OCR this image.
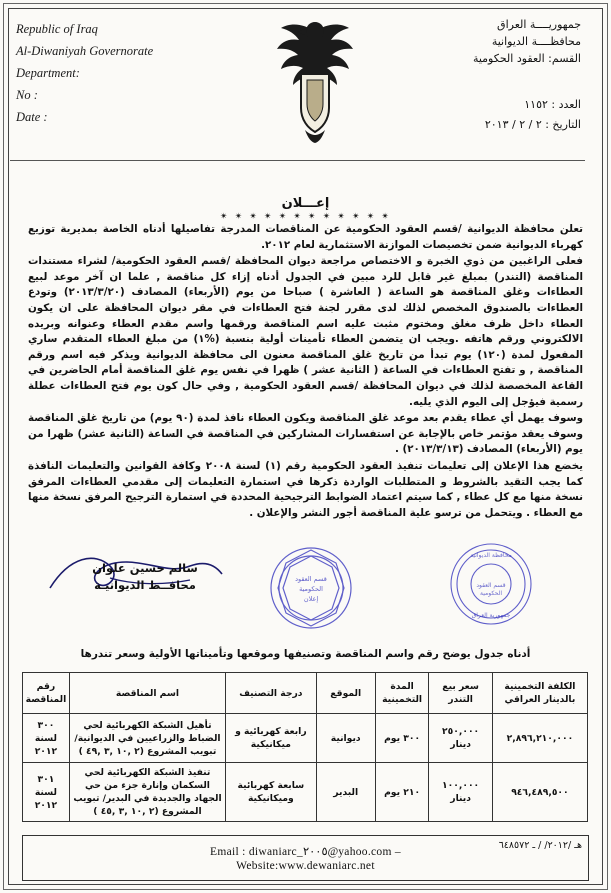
Republic of Iraq
Al-Diwaniyah Governorate
Department:
No :
Date :
جمهوريــــة العراق
محافظــــة الديوانية
القسم: العقود الحكومية
العدد : ١١٥٢
التاريخ : ٢ / ٢ / ٢٠١٣
إعـــلان
✴ ✴ ✴ ✴ ✴ ✴ ✴ ✴ ✴ ✴ ✴ ✴

تعلن محافظة الديوانية /قسم العقود الحكومية عن المناقصات المدرجة تفاصيلها أدناه الخاصة بمديرية توزيع كهرباء الديوانية ضمن تخصيصات الموازنة الاستثمارية لعام ٢٠١٢.

فعلى الراغبين من ذوي الخبرة و الاختصاص مراجعة ديوان المحافظة /قسم العقود الحكومية/ لشراء مستندات المناقصة (التندر) بمبلغ غير قابل للرد مبين في الجدول أدناه إزاء كل مناقصة , علما ان آخر موعد لبيع العطاءات وغلق المناقصة هو الساعة ( العاشرة ) صباحا من يوم (الأربعاء) المصادف (٢٠١٣/٣/٢٠) وتودع العطاءات بالصندوق المخصص لذلك لدى مقرر لجنة فتح العطاءات في مقر ديوان المحافظة على ان يكون العطاء داخل ظرف مغلق ومختوم مثبت عليه اسم المناقصة ورقمها واسم مقدم العطاء وعنوانه وبريده الالكتروني ورقم هاتفه .ويجب ان يتضمن العطاء تأمينات أولية بنسبة (%١) من مبلغ العطاء المتقدم ساري المفعول لمدة (١٢٠) يوم تبدأ من تاريخ غلق المناقصة معنون الى محافظة الديوانية ويذكر فيه اسم ورقم المناقصة , و تفتح العطاءات في الساعة ( الثانية عشر ) ظهرا في نفس يوم غلق المناقصة أمام الحاضرين في القاعة المخصصة لذلك في ديوان المحافظة /قسم العقود الحكومية , وفي حال كون يوم فتح العطاءات عطلة رسمية فيؤجل إلى اليوم الذي يليه.

وسوف يهمل أي عطاء يقدم بعد موعد غلق المناقصة ويكون العطاء نافذ لمدة (٩٠ يوم) من تاريخ غلق المناقصة وسوف يعقد مؤتمر خاص بالإجابة عن استفسارات المشاركين في المناقصة في الساعة (الثانية عشر) ظهرا من يوم (الأربعاء) المصادف (٢٠١٣/٣/١٣) .

يخضع هذا الإعلان إلى تعليمات تنفيذ العقود الحكومية رقم (١) لسنة ٢٠٠٨ وكافة القوانين والتعليمات النافذة كما يجب التقيد بالشروط و المتطلبات الواردة ذكرها في استمارة التعليمات إلى مقدمي العطاءات المرفق نسخة منها مع كل عطاء , كما سيتم اعتماد الضوابط الترجيحية المحددة في استمارة الترجيح المرفق نسخة منها مع العطاء . ويتحمل من ترسو علية المناقصة أجور النشر والإعلان .

سالم حسين علوان
محافــظ الديوانيـة
محافظة الديوانية
قسم العقود
الحكومية
جمهورية العراق
قسم العقود
الحكومية
إعلان
أدناه جدول يوضح رقم واسم المناقصة وتصنيفها وموقعها وتأميناتها الأولية وسعر تندرها
الكلفة التخمينية بالدينار العراقي	سعر بيع التندر	المدة التخمينية	الموقع	درجة التصنيف	اسم المناقصة	رقم المناقصة
٢,٨٩٦,٢١٠,٠٠٠	٢٥٠,٠٠٠ دينار	٣٠٠ يوم	ديوانية	رابعة كهربائية و ميكانيكية	تأهيل الشبكة الكهربائية لحي الضباط والزراعيين في الديوانية/ تبويب المشروع (٢ ,١٠ ,٣ ,٤٩ )	٣٠٠ لسنة ٢٠١٢
٩٤٦,٤٨٩,٥٠٠	١٠٠,٠٠٠ دينار	٢١٠ يوم	البدير	سابعة كهربائية وميكانيكية	تنفيذ الشبكة الكهربائية لحي السكمان وإنارة جزء من حي الجهاد والجديدة في البدير/ تبويب المشروع (٢ ,١٠ ,٣ ,٤٥ )	٣٠١ لسنة ٢٠١٢
هـ /٢٠١٢/ / ـ ٦٤٨٥٧٢
Email : diwaniarc_٢٠٠٥@yahoo.com –
Website:www.dewaniarc.net
